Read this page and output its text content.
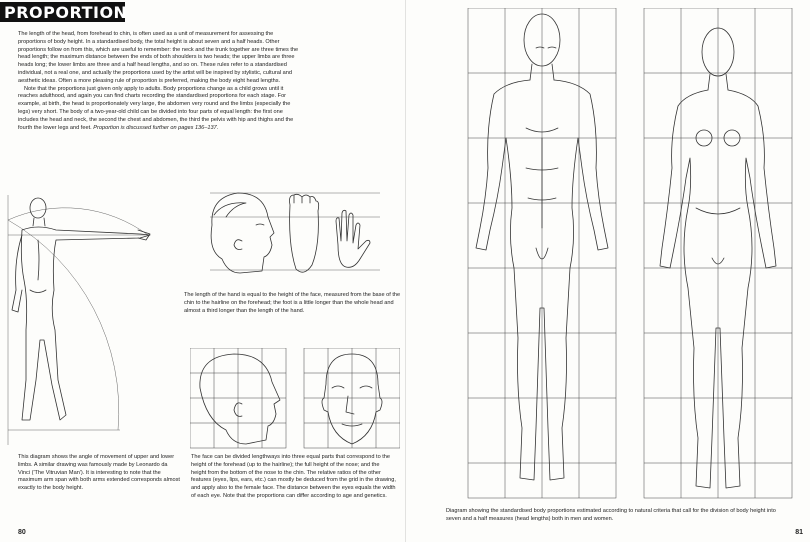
PROPORTION

The length of the head, from forehead to chin, is often used as a unit of measurement for assessing the proportions of body height. In a standardised body, the total height is about seven and a half heads. Other proportions follow on from this, which are useful to remember: the neck and the trunk together are three times the head length; the maximum distance between the ends of both shoulders is two heads; the upper limbs are three heads long; the lower limbs are three and a half head lengths, and so on. These rules refer to a standardised individual, not a real one, and actually the proportions used by the artist will be inspired by stylistic, cultural and aesthetic ideas. Often a more pleasing rule of proportion is preferred, making the body eight head lengths.

Note that the proportions just given only apply to adults. Body proportions change as a child grows until it reaches adulthood, and again you can find charts recording the standardised proportions for each stage. For example, at birth, the head is proportionately very large, the abdomen very round and the limbs (especially the legs) very short. The body of a two-year-old child can be divided into four parts of equal length: the first one includes the head and neck, the second the chest and abdomen, the third the pelvis with hip and thighs and the fourth the lower legs and feet. Proportion is discussed further on pages 136–137.

The length of the hand is equal to the height of the face, measured from the base of the chin to the hairline on the forehead; the foot is a little longer than the whole head and almost a third longer than the length of the hand.

This diagram shows the angle of movement of upper and lower limbs. A similar drawing was famously made by Leonardo da Vinci ('The Vitruvian Man'). It is interesting to note that the maximum arm span with both arms extended corresponds almost exactly to the body height.

The face can be divided lengthways into three equal parts that correspond to the height of the forehead (up to the hairline); the full height of the nose; and the height from the bottom of the nose to the chin. The relative ratios of the other features (eyes, lips, ears, etc.) can mostly be deduced from the grid in the drawing, and apply also to the female face. The distance between the eyes equals the width of each eye. Note that the proportions can differ according to age and genetics.

80

Diagram showing the standardised body proportions estimated according to natural criteria that call for the division of body height into seven and a half measures (head lengths) both in men and women.

81
